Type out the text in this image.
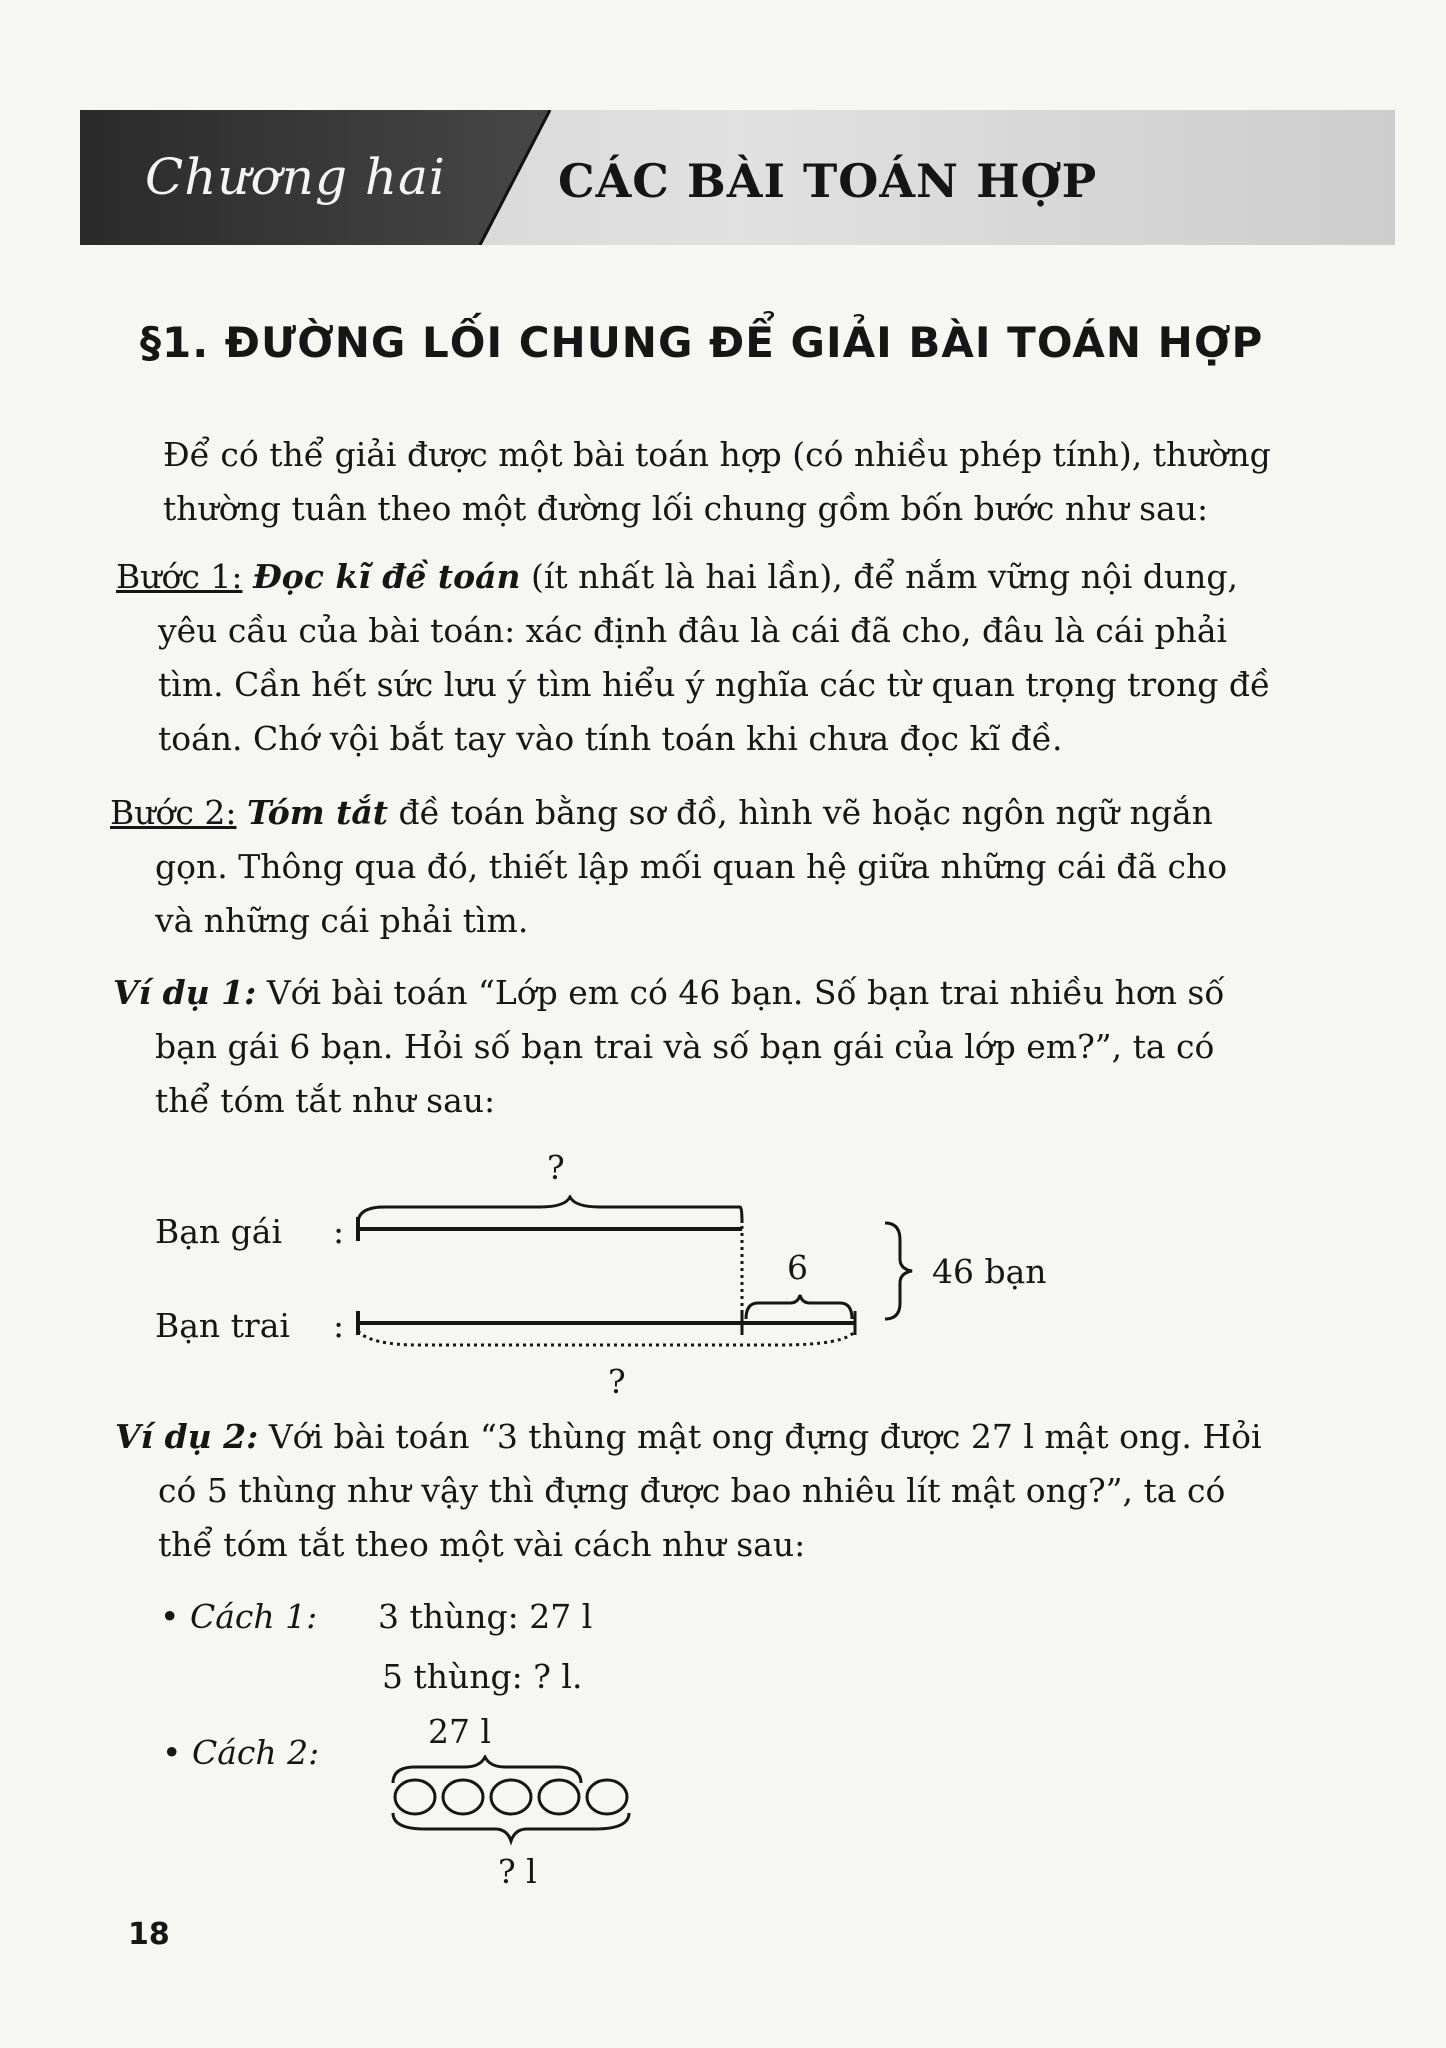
Chương hai CÁC BÀI TOÁN HỢP
§1. ĐƯỜNG LỐI CHUNG ĐỂ GIẢI BÀI TOÁN HỢP
Để có thể giải được một bài toán hợp (có nhiều phép tính), thường
thường tuân theo một đường lối chung gồm bốn bước như sau:
Bước 1: Đọc kĩ đề toán (ít nhất là hai lần), để nắm vững nội dung,
yêu cầu của bài toán: xác định đâu là cái đã cho, đâu là cái phải
tìm. Cần hết sức lưu ý tìm hiểu ý nghĩa các từ quan trọng trong đề
toán. Chớ vội bắt tay vào tính toán khi chưa đọc kĩ đề.
Bước 2: Tóm tắt đề toán bằng sơ đồ, hình vẽ hoặc ngôn ngữ ngắn
gọn. Thông qua đó, thiết lập mối quan hệ giữa những cái đã cho
và những cái phải tìm.
Ví dụ 1: Với bài toán “Lớp em có 46 bạn. Số bạn trai nhiều hơn số
bạn gái 6 bạn. Hỏi số bạn trai và số bạn gái của lớp em?”, ta có
thể tóm tắt như sau:
Bạn gái :
Bạn trai :
?
6	46 bạn
?
Ví dụ 2: Với bài toán “3 thùng mật ong đựng được 27 l mật ong. Hỏi
có 5 thùng như vậy thì đựng được bao nhiêu lít mật ong?”, ta có
thể tóm tắt theo một vài cách như sau:
• Cách 1: 3 thùng: 27 l
5 thùng: ? l.
• Cách 2:
27 l
? l
18
